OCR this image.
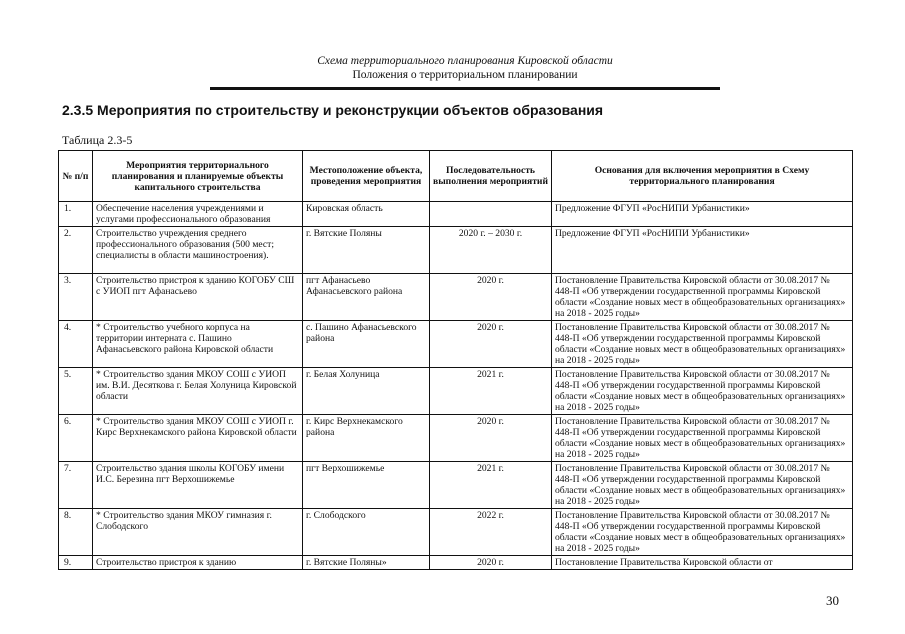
Схема территориального планирования Кировской области
Положения о территориальном планировании
2.3.5 Мероприятия по строительству и реконструкции объектов образования
Таблица 2.3-5
№ п/п	Мероприятия территориального планирования и планируемые объекты капитального строительства	Местоположение объекта, проведения мероприятия	Последовательность выполнения мероприятий	Основания для включения мероприятия в Схему территориального планирования
1.	Обеспечение населения учреждениями и услугами профессионального образования	Кировская область		Предложение ФГУП «РосНИПИ Урбанистики»
2.	Строительство учреждения среднего профессионального образования (500 мест; специалисты в области машиностроения).	г. Вятские Поляны	2020 г. – 2030 г.	Предложение ФГУП «РосНИПИ Урбанистики»
3.	Строительство пристроя к зданию КОГОБУ СШ с УИОП пгт Афанасьево	пгт Афанасьево Афанасьевского района	2020 г.	Постановление Правительства Кировской области от 30.08.2017 № 448-П «Об утверждении государственной программы Кировской области «Создание новых мест в общеобразовательных организациях» на 2018 - 2025 годы»
4.	* Строительство учебного корпуса на территории интерната с. Пашино Афанасьевского района Кировской области	с. Пашино Афанасьевского района	2020 г.	Постановление Правительства Кировской области от 30.08.2017 № 448-П «Об утверждении государственной программы Кировской области «Создание новых мест в общеобразовательных организациях» на 2018 - 2025 годы»
5.	* Строительство здания МКОУ СОШ с УИОП им. В.И. Десяткова г. Белая Холуница Кировской области	г. Белая Холуница	2021 г.	Постановление Правительства Кировской области от 30.08.2017 № 448-П «Об утверждении государственной программы Кировской области «Создание новых мест в общеобразовательных организациях» на 2018 - 2025 годы»
6.	* Строительство здания МКОУ СОШ с УИОП г. Кирс Верхнекамского района Кировской области	г. Кирс Верхнекамского района	2020 г.	Постановление Правительства Кировской области от 30.08.2017 № 448-П «Об утверждении государственной программы Кировской области «Создание новых мест в общеобразовательных организациях» на 2018 - 2025 годы»
7.	Строительство здания школы КОГОБУ имени И.С. Березина пгт Верхошижемье	пгт Верхошижемье	2021 г.	Постановление Правительства Кировской области от 30.08.2017 № 448-П «Об утверждении государственной программы Кировской области «Создание новых мест в общеобразовательных организациях» на 2018 - 2025 годы»
8.	* Строительство здания МКОУ гимназия г. Слободского	г. Слободского	2022 г.	Постановление Правительства Кировской области от 30.08.2017 № 448-П «Об утверждении государственной программы Кировской области «Создание новых мест в общеобразовательных организациях» на 2018 - 2025 годы»
9.	Строительство пристроя к зданию	г. Вятские Поляны»	2020 г.	Постановление Правительства Кировской области от
30
